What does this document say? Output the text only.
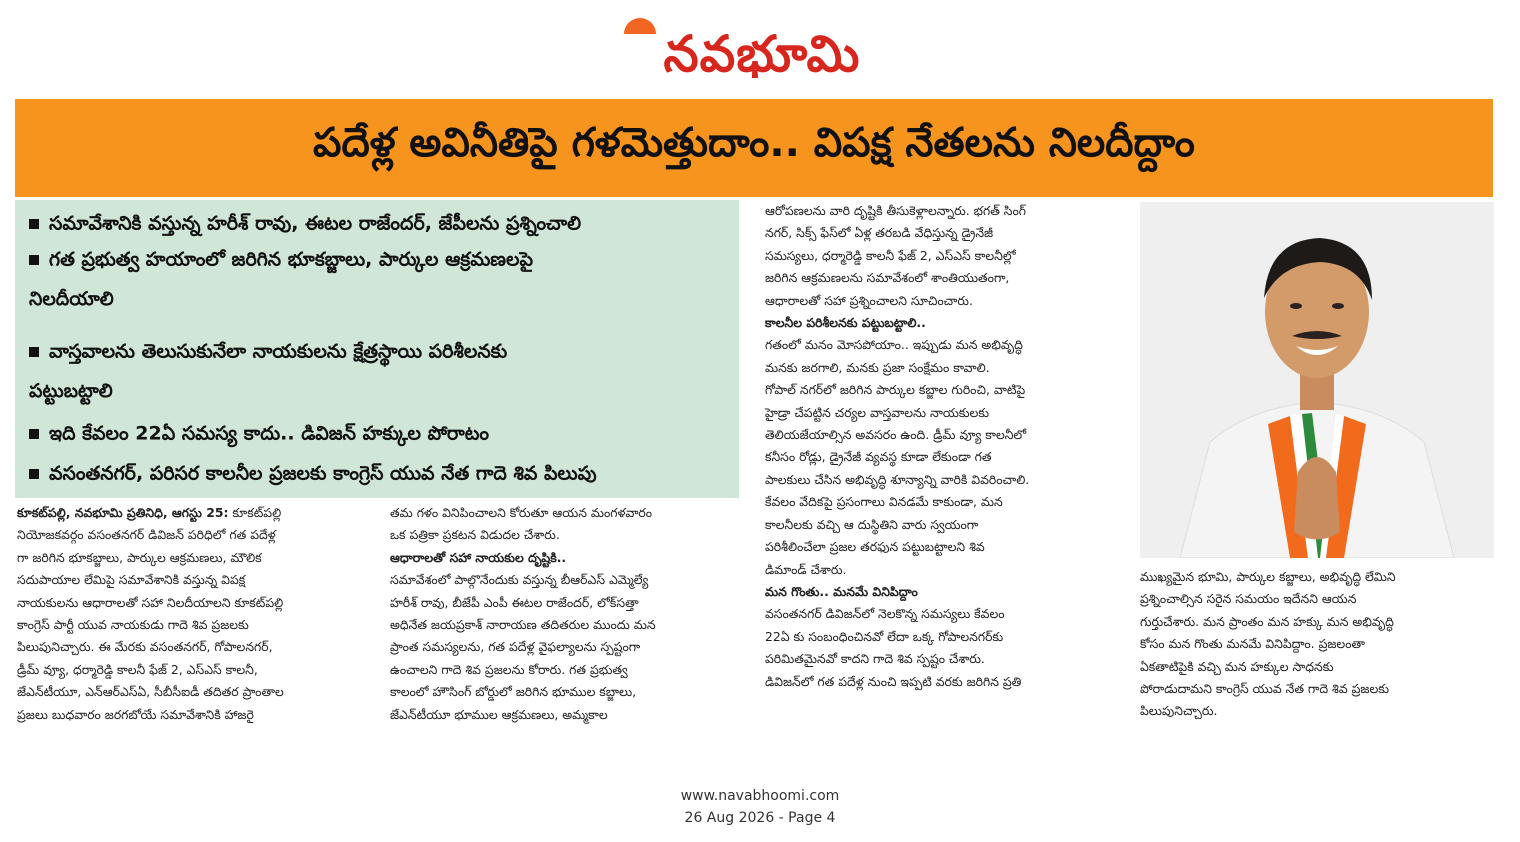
నవభూమి
పదేళ్ల అవినీతిపై గళమెత్తుదాం.. విపక్ష నేతలను నిలదీద్దాం
సమావేశానికి వస్తున్న హరీశ్ రావు, ఈటల రాజేందర్, జేపీలను ప్రశ్నించాలి
గత ప్రభుత్వ హయాంలో జరిగిన భూకబ్జాలు, పార్కుల ఆక్రమణలపై
నిలదీయాలి
వాస్తవాలను తెలుసుకునేలా నాయకులను క్షేత్రస్థాయి పరిశీలనకు
పట్టుబట్టాలి
ఇది కేవలం 22ఏ సమస్య కాదు.. డివిజన్ హక్కుల పోరాటం
వసంతనగర్, పరిసర కాలనీల ప్రజలకు కాంగ్రెస్ యువ నేత గాదె శివ పిలుపు

కూకట్‌పల్లి, నవభూమి ప్రతినిధి, ఆగస్టు 25: కూకట్‌పల్లి

నియోజకవర్గం వసంతనగర్ డివిజన్ పరిధిలో గత పదేళ్ల

గా జరిగిన భూకబ్జాలు, పార్కుల ఆక్రమణలు, మౌలిక

సదుపాయాల లేమిపై సమావేశానికి వస్తున్న విపక్ష

నాయకులను ఆధారాలతో సహా నిలదీయాలని కూకట్‌పల్లి

కాంగ్రెస్ పార్టీ యువ నాయకుడు గాదె శివ ప్రజలకు

పిలుపునిచ్చారు. ఈ మేరకు వసంతనగర్, గోపాలనగర్,

డ్రీమ్ వ్యూ, ధర్మారెడ్డి కాలనీ ఫేజ్ 2, ఎస్ఎస్ కాలనీ,

జేఎన్‌టీయూ, ఎన్ఆర్ఎస్ఏ, సీబీసీఐడీ తదితర ప్రాంతాల

ప్రజలు బుధవారం జరగబోయే సమావేశానికి హాజరై

తమ గళం వినిపించాలని కోరుతూ ఆయన మంగళవారం

ఒక పత్రికా ప్రకటన విడుదల చేశారు.

ఆధారాలతో సహా నాయకుల దృష్టికి..

సమావేశంలో పాల్గొనేందుకు వస్తున్న బీఆర్ఎస్ ఎమ్మెల్యే

హరీశ్ రావు, బీజేపీ ఎంపీ ఈటల రాజేందర్, లోక్‌సత్తా

అధినేత జయప్రకాశ్ నారాయణ తదితరుల ముందు మన

ప్రాంత సమస్యలను, గత పదేళ్ల వైఫల్యాలను స్పష్టంగా

ఉంచాలని గాదె శివ ప్రజలను కోరారు. గత ప్రభుత్వ

కాలంలో హౌసింగ్ బోర్డులో జరిగిన భూముల కబ్జాలు,

జేఎన్‌టీయూ భూముల ఆక్రమణలు, అమ్మకాల

ఆరోపణలను వారి దృష్టికి తీసుకెళ్లాలన్నారు. భగత్ సింగ్

నగర్, సిక్స్ ఫేస్‌లో ఏళ్ల తరబడి వేధిస్తున్న డ్రైనేజీ

సమస్యలు, ధర్మారెడ్డి కాలనీ ఫేజ్ 2, ఎస్ఎస్ కాలనీల్లో

జరిగిన ఆక్రమణలను సమావేశంలో శాంతియుతంగా,

ఆధారాలతో సహా ప్రశ్నించాలని సూచించారు.

కాలనీల పరిశీలనకు పట్టుబట్టాలి..

గతంలో మనం మోసపోయాం.. ఇప్పుడు మన అభివృద్ధి

మనకు జరగాలి, మనకు ప్రజా సంక్షేమం కావాలి.

గోపాల్ నగర్‌లో జరిగిన పార్కుల కబ్జాల గురించి, వాటిపై

హైడ్రా చేపట్టిన చర్యల వాస్తవాలను నాయకులకు

తెలియజేయాల్సిన అవసరం ఉంది. డ్రీమ్ వ్యూ కాలనీలో

కనీసం రోడ్లు, డ్రైనేజీ వ్యవస్థ కూడా లేకుండా గత

పాలకులు చేసిన అభివృద్ధి శూన్యాన్ని వారికి వివరించాలి.

కేవలం వేదికపై ప్రసంగాలు వినడమే కాకుండా, మన

కాలనీలకు వచ్చి ఆ దుస్థితిని వారు స్వయంగా

పరిశీలించేలా ప్రజల తరఫున పట్టుబట్టాలని శివ

డిమాండ్ చేశారు.

మన గొంతు.. మనమే వినిపిద్దాం

వసంతనగర్ డివిజన్‌లో నెలకొన్న సమస్యలు కేవలం

22ఏ కు సంబంధించినవో లేదా ఒక్క గోపాలనగర్‌కు

పరిమితమైనవో కాదని గాదె శివ స్పష్టం చేశారు.

డివిజన్‌లో గత పదేళ్ల నుంచి ఇప్పటి వరకు జరిగిన ప్రతి

ముఖ్యమైన భూమి, పార్కుల కబ్జాలు, అభివృద్ధి లేమిని
ప్రశ్నించాల్సిన సరైన సమయం ఇదేనని ఆయన
గుర్తుచేశారు. మన ప్రాంతం మన హక్కు మన అభివృద్ధి
కోసం మన గొంతు మనమే వినిపిద్దాం. ప్రజలంతా
ఏకతాటిపైకి వచ్చి మన హక్కుల సాధనకు
పోరాడుదామని కాంగ్రెస్ యువ నేత గాదె శివ ప్రజలకు
పిలుపునిచ్చారు.
www.navabhoomi.com
26 Aug 2026 - Page 4
